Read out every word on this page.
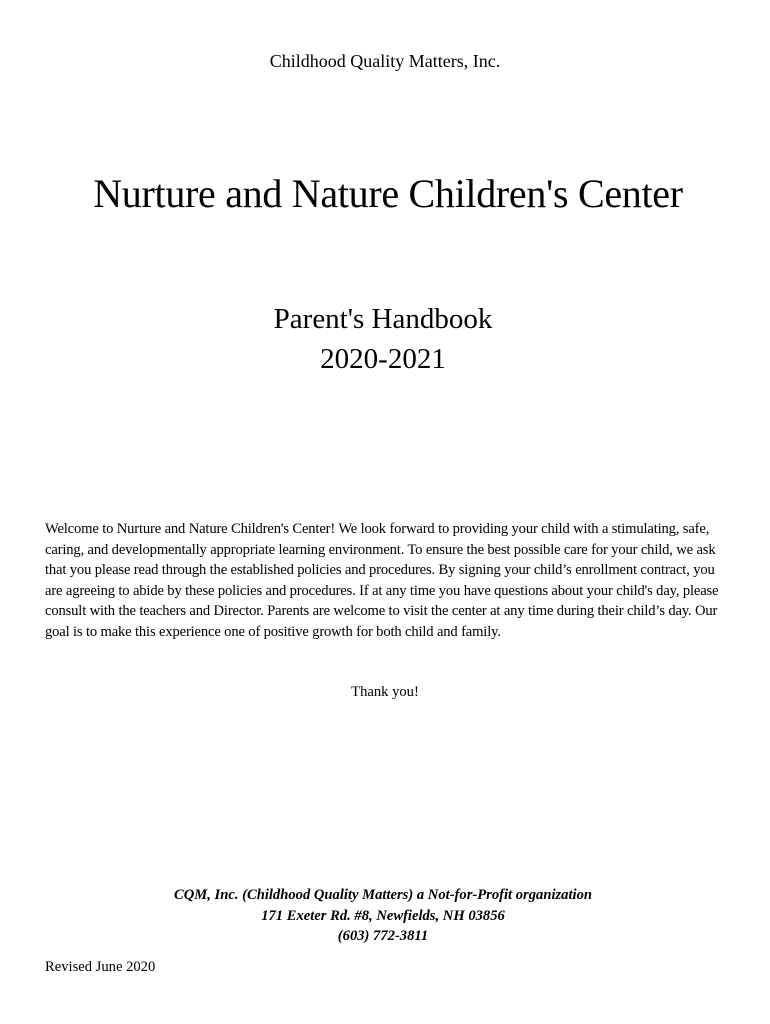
Childhood Quality Matters, Inc.
Nurture and Nature Children's Center
Parent's Handbook
2020-2021
Welcome to Nurture and Nature Children's Center! We look forward to providing your child with a stimulating, safe, caring, and developmentally appropriate learning environment. To ensure the best possible care for your child, we ask that you please read through the established policies and procedures. By signing your child’s enrollment contract, you are agreeing to abide by these policies and procedures. If at any time you have questions about your child's day, please consult with the teachers and Director. Parents are welcome to visit the center at any time during their child’s day. Our goal is to make this experience one of positive growth for both child and family.
Thank you!
CQM, Inc. (Childhood Quality Matters) a Not-for-Profit organization
171 Exeter Rd. #8, Newfields, NH 03856
(603) 772-3811
Revised June 2020
